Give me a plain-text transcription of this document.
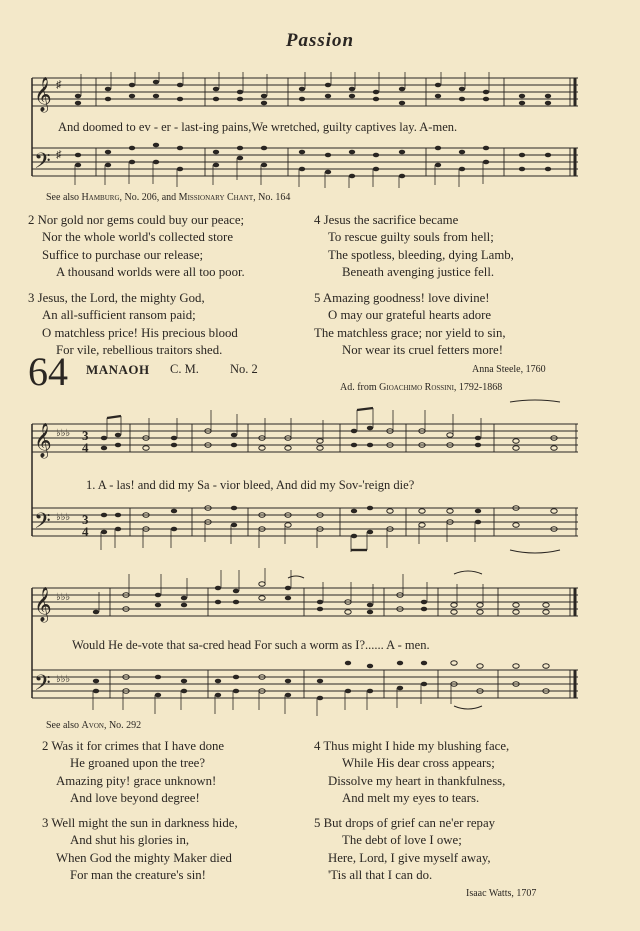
Passion
𝄞
𝄢
♯
♯
And doomed to ev - er - last-ing pains,We wretched, guilty captives lay. A-men.
See also Hamburg, No. 206, and Missionary Chant, No. 164
2 Nor gold nor gems could buy our peace;
Nor the whole world's collected store
Suffice to purchase our release;
A thousand worlds were all too poor.
4 Jesus the sacrifice became
To rescue guilty souls from hell;
The spotless, bleeding, dying Lamb,
Beneath avenging justice fell.
3 Jesus, the Lord, the mighty God,
An all-sufficient ransom paid;
O matchless price! His precious blood
For vile, rebellious traitors shed.
5 Amazing goodness! love divine!
O may our grateful hearts adore
The matchless grace; nor yield to sin,
Nor wear its cruel fetters more!
Anna Steele, 1760
64 MANAOH C. M. No. 2
Ad. from Gioachimo Rossini, 1792-1868
𝄞
𝄢
♭♭♭
♭♭♭
3
4
3
4
1. A - las! and did my Sa - vior bleed, And did my Sov-'reign die?
𝄞
𝄢
♭♭♭
♭♭♭
Would He de-vote that sa-cred head For such a worm as I?...... A - men.
See also Avon, No. 292
2 Was it for crimes that I have done
He groaned upon the tree?
Amazing pity! grace unknown!
And love beyond degree!
4 Thus might I hide my blushing face,
While His dear cross appears;
Dissolve my heart in thankfulness,
And melt my eyes to tears.
3 Well might the sun in darkness hide,
And shut his glories in,
When God the mighty Maker died
For man the creature's sin!
5 But drops of grief can ne'er repay
The debt of love I owe;
Here, Lord, I give myself away,
'Tis all that I can do.
Isaac Watts, 1707
